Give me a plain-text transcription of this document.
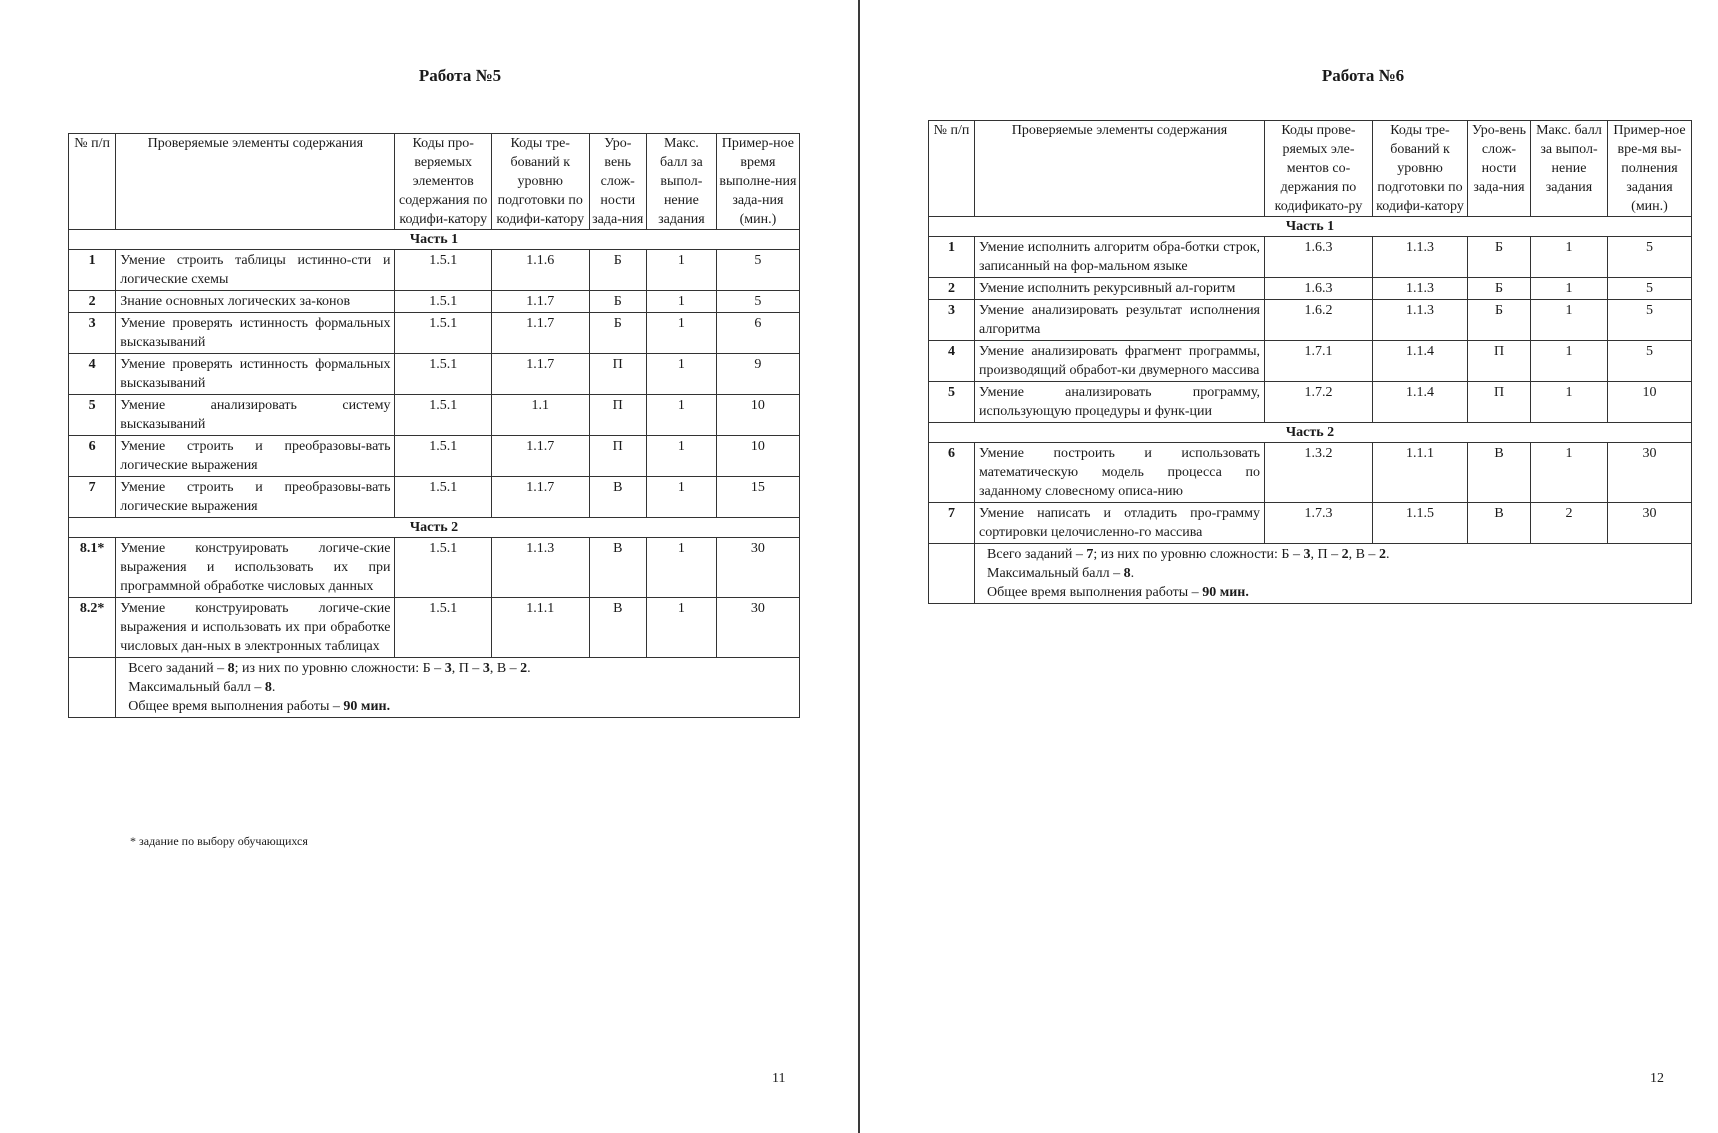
Работа №5
№ п/п	Проверяемые элементы содержания	Коды про-веряемых элементов содержания по кодифи-катору	Коды тре-бований к уровню подготовки по кодифи-катору	Уро-вень слож-ности зада-ния	Макс. балл за выпол-нение задания	Пример-ное время выполне-ния зада-ния (мин.)
Часть 1						
1	Умение строить таблицы истинно-сти и логические схемы	1.5.1	1.1.6	Б	1	5
2	Знание основных логических за-конов	1.5.1	1.1.7	Б	1	5
3	Умение проверять истинность формальных высказываний	1.5.1	1.1.7	Б	1	6
4	Умение проверять истинность формальных высказываний	1.5.1	1.1.7	П	1	9
5	Умение анализировать систему высказываний	1.5.1	1.1	П	1	10
6	Умение строить и преобразовы-вать логические выражения	1.5.1	1.1.7	П	1	10
7	Умение строить и преобразовы-вать логические выражения	1.5.1	1.1.7	В	1	15
Часть 2						
8.1*	Умение конструировать логиче-ские выражения и использовать их при программной обработке числовых данных	1.5.1	1.1.3	В	1	30
8.2*	Умение конструировать логиче-ские выражения и использовать их при обработке числовых дан-ных в электронных таблицах	1.5.1	1.1.1	В	1	30

	Всего заданий – 8; из них по уровню сложности: Б – 3, П – 3, В – 2.
Максимальный балл – 8.
Общее время выполнения работы – 90 мин.					
* задание по выбору обучающихся
11
Работа №6
№ п/п	Проверяемые элементы содержания	Коды прове-ряемых эле-ментов со-держания по кодификато-ру	Коды тре-бований к уровню подготовки по кодифи-катору	Уро-вень слож-ности зада-ния	Макс. балл за выпол-нение задания	Пример-ное вре-мя вы-полнения задания (мин.)
Часть 1						
1	Умение исполнить алгоритм обра-ботки строк, записанный на фор-мальном языке	1.6.3	1.1.3	Б	1	5
2	Умение исполнить рекурсивный ал-горитм	1.6.3	1.1.3	Б	1	5
3	Умение анализировать результат исполнения алгоритма	1.6.2	1.1.3	Б	1	5
4	Умение анализировать фрагмент программы, производящий обработ-ки двумерного массива	1.7.1	1.1.4	П	1	5
5	Умение анализировать программу, использующую процедуры и функ-ции	1.7.2	1.1.4	П	1	10
Часть 2						
6	Умение построить и использовать математическую модель процесса по заданному словесному описа-нию	1.3.2	1.1.1	В	1	30
7	Умение написать и отладить про-грамму сортировки целочисленно-го массива	1.7.3	1.1.5	В	2	30

	Всего заданий – 7; из них по уровню сложности: Б – 3, П – 2, В – 2.
Максимальный балл – 8.
Общее время выполнения работы – 90 мин.					
12
